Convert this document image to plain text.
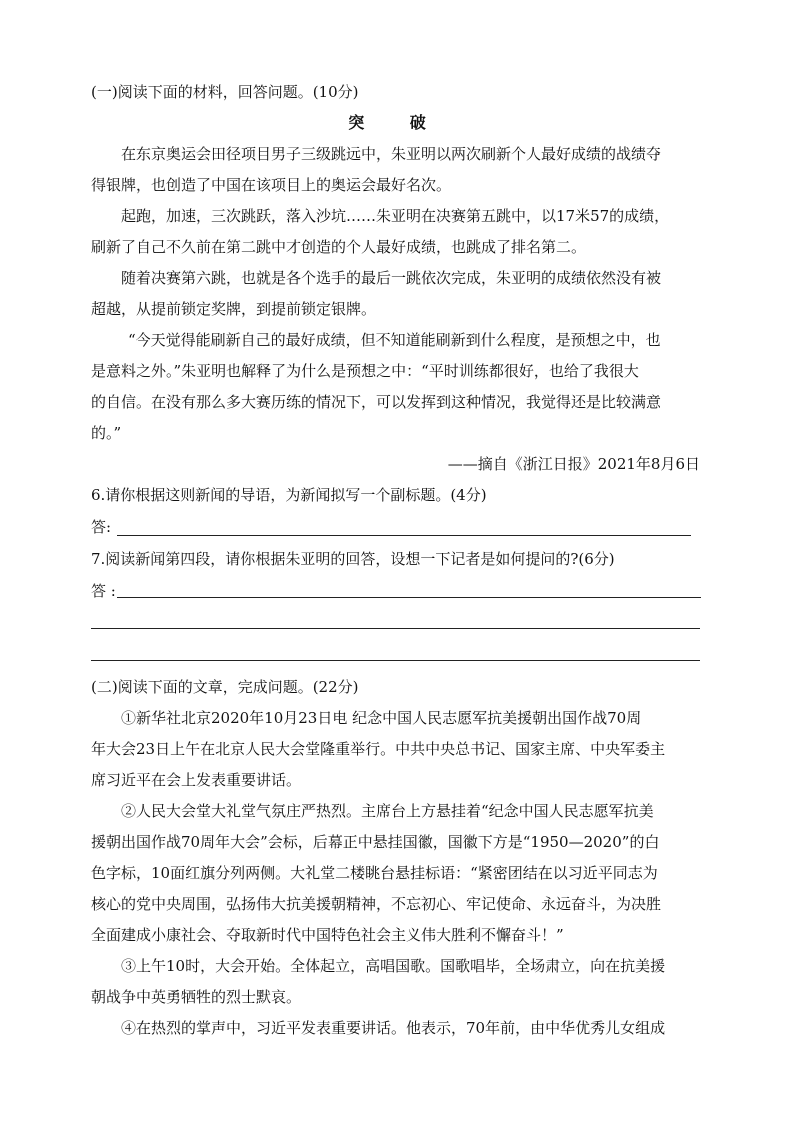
(一)阅读下面的材料，回答问题。(10分)
突 破
在东京奥运会田径项目男子三级跳远中，朱亚明以两次刷新个人最好成绩的战绩夺
得银牌，也创造了中国在该项目上的奥运会最好名次。
起跑，加速，三次跳跃，落入沙坑……朱亚明在决赛第五跳中，以17米57的成绩，
刷新了自己不久前在第二跳中才创造的个人最好成绩，也跳成了排名第二。
随着决赛第六跳，也就是各个选手的最后一跳依次完成，朱亚明的成绩依然没有被
超越，从提前锁定奖牌，到提前锁定银牌。
“今天觉得能刷新自己的最好成绩，但不知道能刷新到什么程度，是预想之中，也
是意料之外。”朱亚明也解释了为什么是预想之中：“平时训练都很好，也给了我很大
的自信。在没有那么多大赛历练的情况下，可以发挥到这种情况，我觉得还是比较满意
的。”
——摘自《浙江日报》2021年8月6日
6.请你根据这则新闻的导语，为新闻拟写一个副标题。(4分)
答:
7.阅读新闻第四段，请你根据朱亚明的回答，设想一下记者是如何提问的?(6分)
答 :
(二)阅读下面的文章，完成问题。(22分)
①新华社北京2020年10月23日电 纪念中国人民志愿军抗美援朝出国作战70周
年大会23日上午在北京人民大会堂隆重举行。中共中央总书记、国家主席、中央军委主
席习近平在会上发表重要讲话。
②人民大会堂大礼堂气氛庄严热烈。主席台上方悬挂着“纪念中国人民志愿军抗美
援朝出国作战70周年大会”会标，后幕正中悬挂国徽，国徽下方是“1950—2020”的白
色字标，10面红旗分列两侧。大礼堂二楼眺台悬挂标语：“紧密团结在以习近平同志为
核心的党中央周围，弘扬伟大抗美援朝精神，不忘初心、牢记使命、永远奋斗，为决胜
全面建成小康社会、夺取新时代中国特色社会主义伟大胜利不懈奋斗！”
③上午10时，大会开始。全体起立，高唱国歌。国歌唱毕，全场肃立，向在抗美援
朝战争中英勇牺牲的烈士默哀。
④在热烈的掌声中，习近平发表重要讲话。他表示，70年前，由中华优秀儿女组成
